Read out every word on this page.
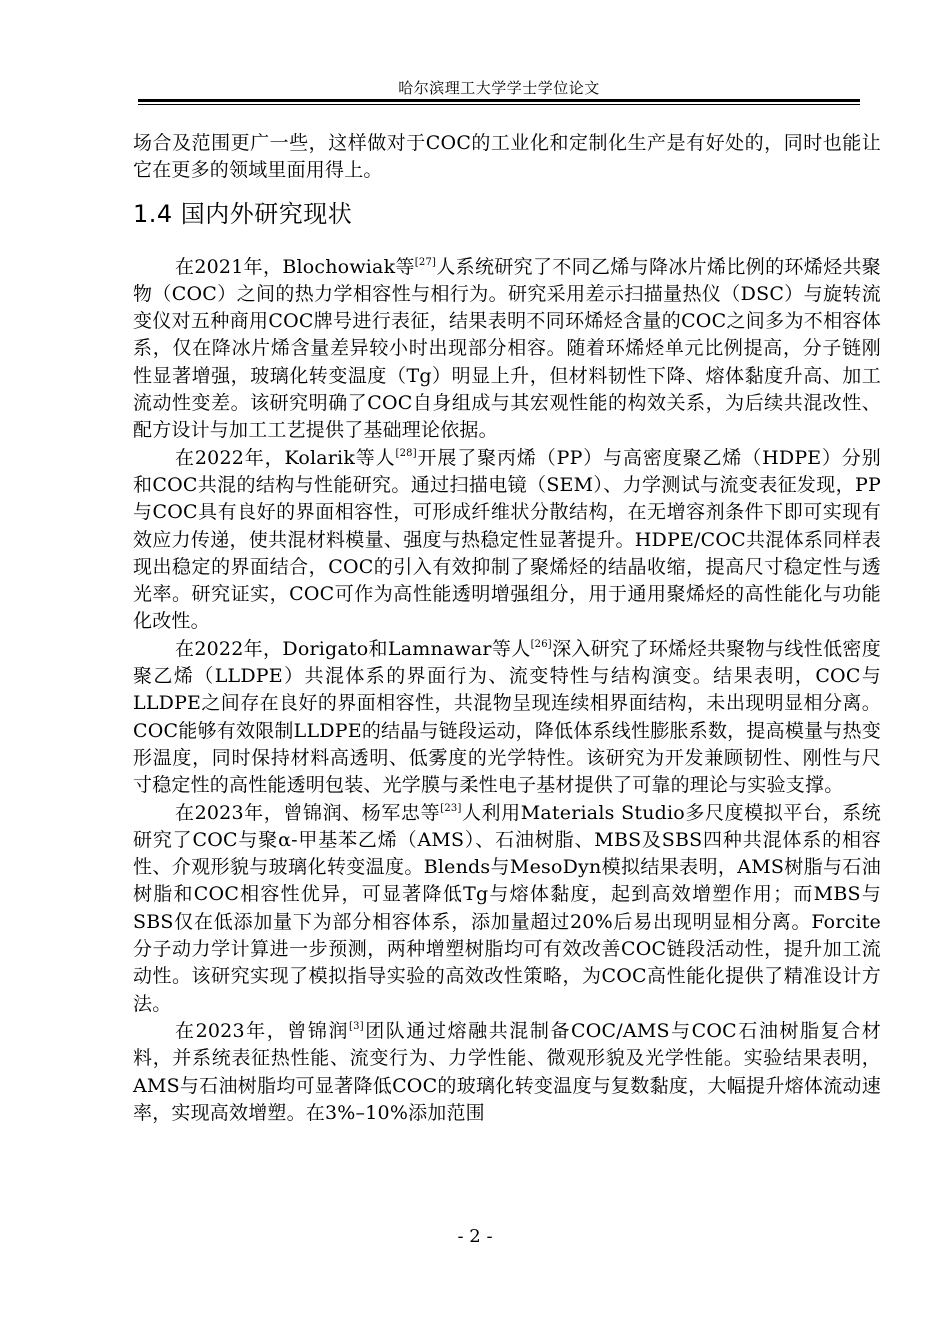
哈尔滨理工大学学士学位论文

场合及范围更广一些，这样做对于COC的工业化和定制化生产是有好处的，同时也能让它在更多的领域里面用得上。

1.4 国内外研究现状

在2021年，Blochowiak等[27]人系统研究了不同乙烯与降冰片烯比例的环烯烃共聚物（COC）之间的热力学相容性与相行为。研究采用差示扫描量热仪（DSC）与旋转流变仪对五种商用COC牌号进行表征，结果表明不同环烯烃含量的COC之间多为不相容体系，仅在降冰片烯含量差异较小时出现部分相容。随着环烯烃单元比例提高，分子链刚性显著增强，玻璃化转变温度（Tg）明显上升，但材料韧性下降、熔体黏度升高、加工流动性变差。该研究明确了COC自身组成与其宏观性能的构效关系，为后续共混改性、配方设计与加工工艺提供了基础理论依据。

在2022年，Kolarik等人[28]开展了聚丙烯（PP）与高密度聚乙烯（HDPE）分别和COC共混的结构与性能研究。通过扫描电镜（SEM）、力学测试与流变表征发现，PP与COC具有良好的界面相容性，可形成纤维状分散结构，在无增容剂条件下即可实现有效应力传递，使共混材料模量、强度与热稳定性显著提升。HDPE/COC共混体系同样表现出稳定的界面结合，COC的引入有效抑制了聚烯烃的结晶收缩，提高尺寸稳定性与透光率。研究证实，COC可作为高性能透明增强组分，用于通用聚烯烃的高性能化与功能化改性。

在2022年，Dorigato和Lamnawar等人[26]深入研究了环烯烃共聚物与线性低密度聚乙烯（LLDPE）共混体系的界面行为、流变特性与结构演变。结果表明，COC与LLDPE之间存在良好的界面相容性，共混物呈现连续相界面结构，未出现明显相分离。COC能够有效限制LLDPE的结晶与链段运动，降低体系线性膨胀系数，提高模量与热变形温度，同时保持材料高透明、低雾度的光学特性。该研究为开发兼顾韧性、刚性与尺寸稳定性的高性能透明包装、光学膜与柔性电子基材提供了可靠的理论与实验支撑。

在2023年，曾锦润、杨军忠等[23]人利用Materials Studio多尺度模拟平台，系统研究了COC与聚α-甲基苯乙烯（AMS）、石油树脂、MBS及SBS四种共混体系的相容性、介观形貌与玻璃化转变温度。Blends与MesoDyn模拟结果表明，AMS树脂与石油树脂和COC相容性优异，可显著降低Tg与熔体黏度，起到高效增塑作用；而MBS与SBS仅在低添加量下为部分相容体系，添加量超过20%后易出现明显相分离。Forcite分子动力学计算进一步预测，两种增塑树脂均可有效改善COC链段活动性，提升加工流动性。该研究实现了模拟指导实验的高效改性策略，为COC高性能化提供了精准设计方法。

在2023年，曾锦润[3]团队通过熔融共混制备COC/AMS与COC石油树脂复合材料，并系统表征热性能、流变行为、力学性能、微观形貌及光学性能。实验结果表明，AMS与石油树脂均可显著降低COC的玻璃化转变温度与复数黏度，大幅提升熔体流动速率，实现高效增塑。在3%–10%添加范围

- 2 -
